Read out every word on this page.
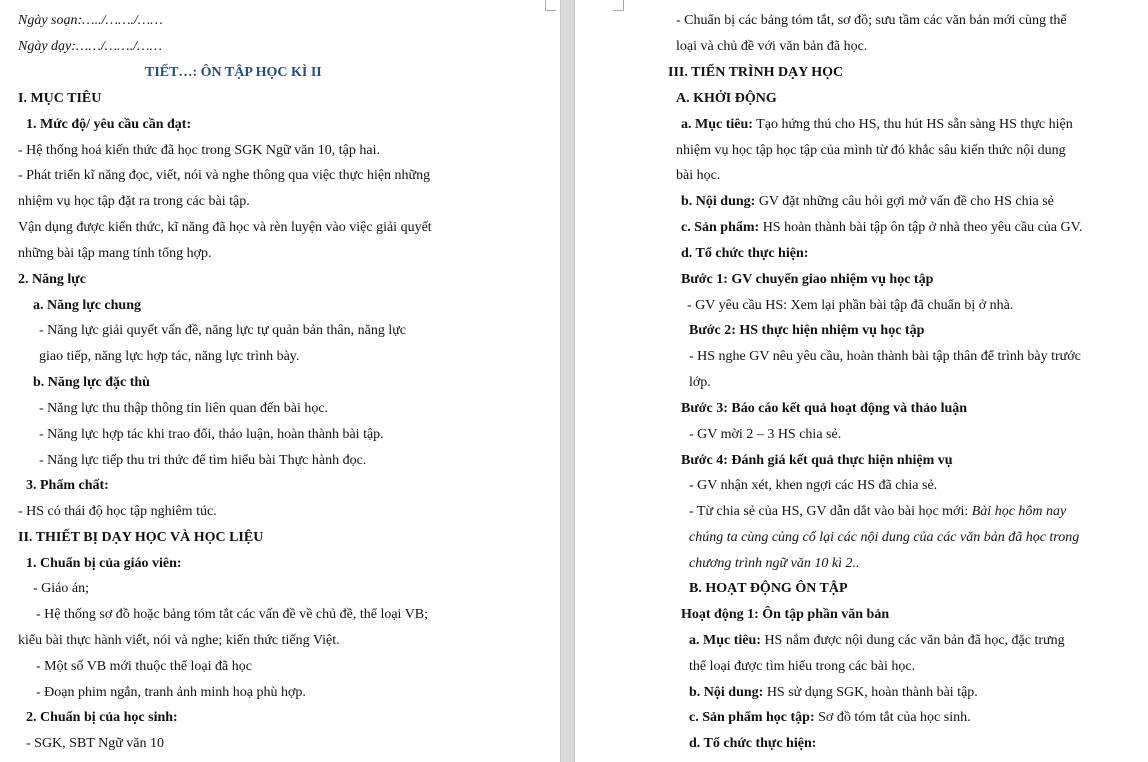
Ngày soạn:…../……./……
Ngày dạy:……/……./……
TIẾT…: ÔN TẬP HỌC KÌ II
I. MỤC TIÊU
1. Mức độ/ yêu cầu cần đạt:
- Hệ thống hoá kiến thức đã học trong SGK Ngữ văn 10, tập hai.
- Phát triển kĩ năng đọc, viết, nói và nghe thông qua việc thực hiện những
nhiệm vụ học tập đặt ra trong các bài tập.
Vận dụng được kiến thức, kĩ năng đã học và rèn luyện vào việc giải quyết
những bài tập mang tính tổng hợp.
2. Năng lực
a. Năng lực chung
- Năng lực giải quyết vấn đề, năng lực tự quản bản thân, năng lực
giao tiếp, năng lực hợp tác, năng lực trình bày.
b. Năng lực đặc thù
- Năng lực thu thập thông tin liên quan đến bài học.
- Năng lực hợp tác khi trao đổi, thảo luận, hoàn thành bài tập.
- Năng lực tiếp thu tri thức để tìm hiểu bài Thực hành đọc.
3. Phẩm chất:
- HS có thái độ học tập nghiêm túc.
II. THIẾT BỊ DẠY HỌC VÀ HỌC LIỆU
1. Chuẩn bị của giáo viên:
- Giáo án;
- Hệ thống sơ đồ hoặc bảng tóm tắt các vấn đề về chủ đề, thể loại VB;
kiểu bài thực hành viết, nói và nghe; kiến thức tiếng Việt.
- Một số VB mới thuộc thể loại đã học
- Đoạn phim ngắn, tranh ảnh minh hoạ phù hợp.
2. Chuẩn bị của học sinh:
- SGK, SBT Ngữ văn 10
- Chuẩn bị các bảng tóm tắt, sơ đồ; sưu tầm các văn bản mới cùng thể
loại và chủ đề với văn bản đã học.
III. TIẾN TRÌNH DẠY HỌC
A. KHỞI ĐỘNG
a. Mục tiêu: Tạo hứng thú cho HS, thu hút HS sẵn sàng HS thực hiện
nhiệm vụ học tập học tập của mình từ đó khắc sâu kiến thức nội dung
bài học.
b. Nội dung: GV đặt những câu hỏi gợi mở vấn đề cho HS chia sẻ
c. Sản phẩm: HS hoàn thành bài tập ôn tập ở nhà theo yêu cầu của GV.
d. Tổ chức thực hiện:
Bước 1: GV chuyển giao nhiệm vụ học tập
- GV yêu cầu HS: Xem lại phần bài tập đã chuẩn bị ở nhà.
Bước 2: HS thực hiện nhiệm vụ học tập
- HS nghe GV nêu yêu cầu, hoàn thành bài tập thân để trình bày trước
lớp.
Bước 3: Báo cáo kết quả hoạt động và thảo luận
- GV mời 2 – 3 HS chia sẻ.
Bước 4: Đánh giá kết quả thực hiện nhiệm vụ
- GV nhận xét, khen ngợi các HS đã chia sẻ.
- Từ chia sẻ của HS, GV dẫn dắt vào bài học mới: Bài học hôm nay
chúng ta cùng củng cố lại các nội dung của các văn bản đã học trong
chương trình ngữ văn 10 kì 2..
B. HOẠT ĐỘNG ÔN TẬP
Hoạt động 1: Ôn tập phần văn bản
a. Mục tiêu: HS nắm được nội dung các văn bản đã học, đặc trưng
thể loại được tìm hiểu trong các bài học.
b. Nội dung: HS sử dụng SGK, hoàn thành bài tập.
c. Sản phẩm học tập: Sơ đồ tóm tắt của học sinh.
d. Tổ chức thực hiện:
